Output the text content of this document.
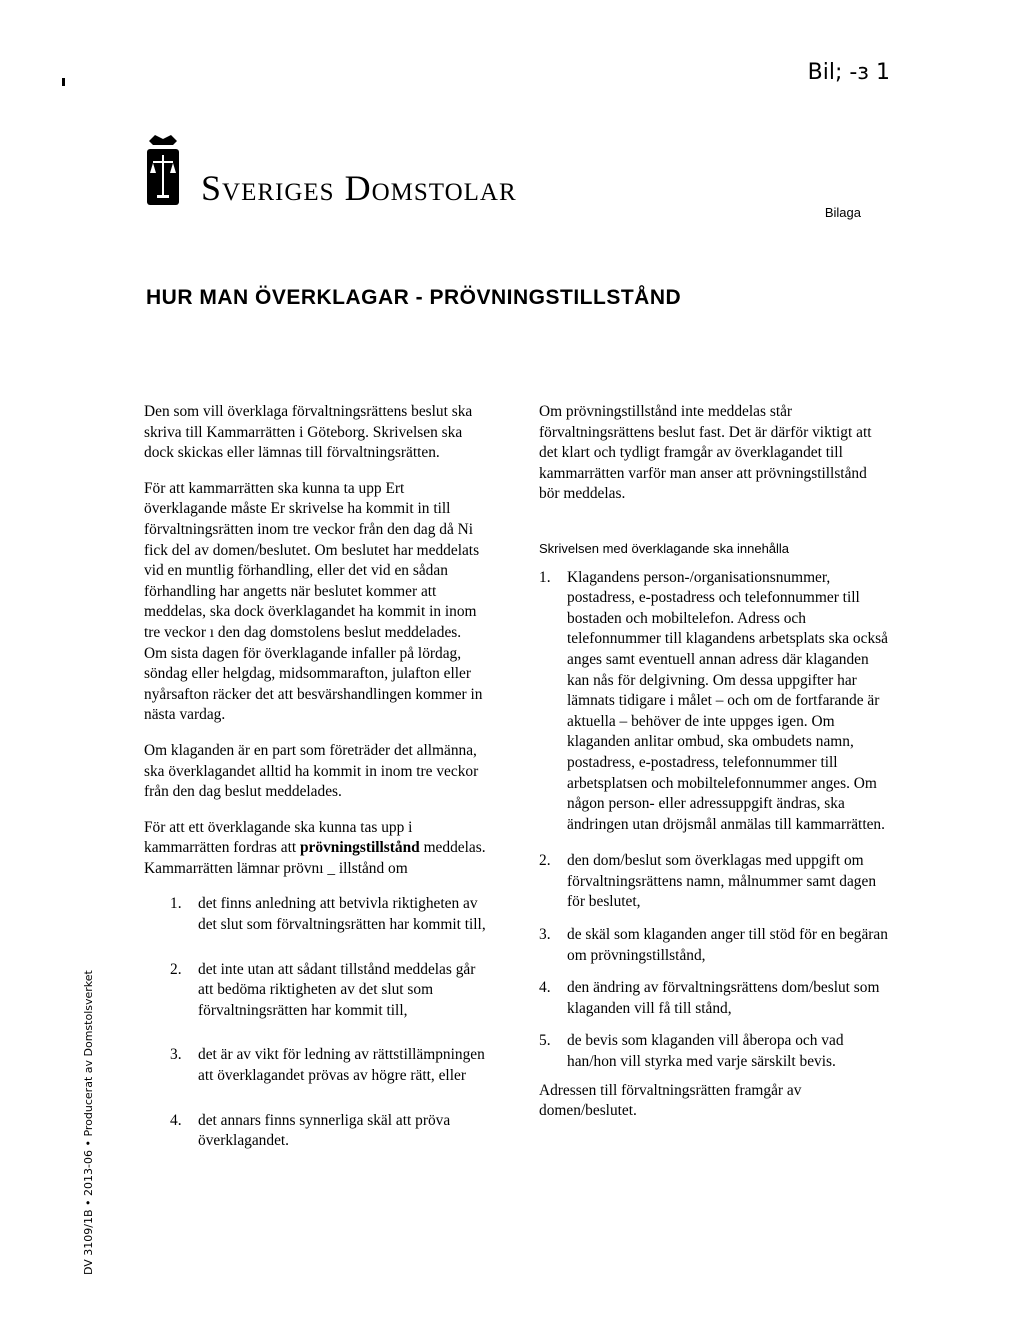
Bil; -ɜ 1
Sveriges Domstolar
Bilaga
HUR MAN ÖVERKLAGAR - PRÖVNINGSTILLSTÅND

Den som vill överklaga förvaltningsrättens beslut ska skriva till Kammarrätten i Göteborg. Skrivelsen ska dock skickas eller lämnas till förvaltningsrätten.

För att kammarrätten ska kunna ta upp Ert överklagande måste Er skrivelse ha kommit in till förvaltningsrätten inom tre veckor från den dag då Ni fick del av domen/beslutet. Om beslutet har meddelats vid en muntlig förhandling, eller det vid en sådan förhandling har angetts när beslutet kommer att meddelas, ska dock överklagandet ha kommit in inom tre veckor ı den dag domstolens beslut meddelades. Om sista dagen för överklagande infaller på lördag, söndag eller helgdag, midsommarafton, julafton eller nyårsafton räcker det att besvärshandlingen kommer in nästa vardag.

Om klaganden är en part som företräder det allmänna, ska överklagandet alltid ha kommit in inom tre veckor från den dag beslut meddelades.

För att ett överklagande ska kunna tas upp i kammarrätten fordras att prövningstillstånd meddelas. Kammarrätten lämnar prövnı _ illstånd om

1.	det finns anledning att betvivla riktigheten av det slut som förvaltningsrätten har kommit till,
2.	det inte utan att sådant tillstånd meddelas går att bedöma riktigheten av det slut som förvaltningsrätten har kommit till,
3.	det är av vikt för ledning av rättstillämpningen att överklagandet prövas av högre rätt, eller
4.	det annars finns synnerliga skäl att pröva överklagandet.

Om prövningstillstånd inte meddelas står förvaltningsrättens beslut fast. Det är därför viktigt att det klart och tydligt framgår av överklagandet till kammarrätten varför man anser att prövningstillstånd bör meddelas.

Skrivelsen med överklagande ska innehålla

1.	Klagandens person-/organisationsnummer, postadress, e-postadress och telefonnummer till bostaden och mobiltelefon. Adress och telefonnummer till klagandens arbetsplats ska också anges samt eventuell annan adress där klaganden kan nås för delgivning. Om dessa uppgifter har lämnats tidigare i målet – och om de fortfarande är aktuella – behöver de inte uppges igen. Om klaganden anlitar ombud, ska ombudets namn, postadress, e-postadress, telefonnummer till arbetsplatsen och mobiltelefonnummer anges. Om någon person- eller adressuppgift ändras, ska ändringen utan dröjsmål anmälas till kammarrätten.
2.	den dom/beslut som överklagas med uppgift om förvaltningsrättens namn, målnummer samt dagen för beslutet,
3.	de skäl som klaganden anger till stöd för en begäran om prövningstillstånd,
4.	den ändring av förvaltningsrättens dom/beslut som klaganden vill få till stånd,
5.	de bevis som klaganden vill åberopa och vad han/hon vill styrka med varje särskilt bevis.

Adressen till förvaltningsrätten framgår av domen/beslutet.

DV 3109/1B • 2013-06 • Producerat av Domstolsverket
